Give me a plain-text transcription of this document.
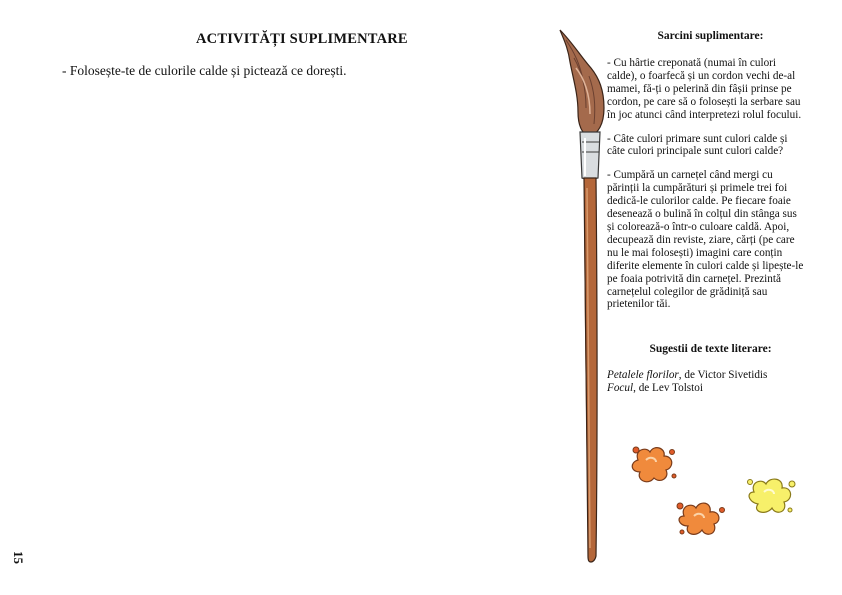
ACTIVITĂȚI SUPLIMENTARE
- Folosește-te de culorile calde și pictează ce dorești.
15

Sarcini suplimentare:

- Cu hârtie creponată (numai în culori
calde), o foarfecă și un cordon vechi de-al
mamei, fă-ți o pelerină din fâșii prinse pe
cordon, pe care să o folosești la serbare sau
în joc atunci când interpretezi rolul focului.

- Câte culori primare sunt culori calde și
câte culori principale sunt culori calde?

- Cumpără un carnețel când mergi cu
părinții la cumpărături și primele trei foi
dedică-le culorilor calde. Pe fiecare foaie
desenează o bulină în colțul din stânga sus
și colorează-o într-o culoare caldă. Apoi,
decupează din reviste, ziare, cărți (pe care
nu le mai folosești) imagini care conțin
diferite elemente în culori calde și lipește-le
pe foaia potrivită din carnețel. Prezintă
carnețelul colegilor de grădiniță sau
prietenilor tăi.

Sugestii de texte literare:

Petalele florilor, de Victor Sivetidis

Focul, de Lev Tolstoi
